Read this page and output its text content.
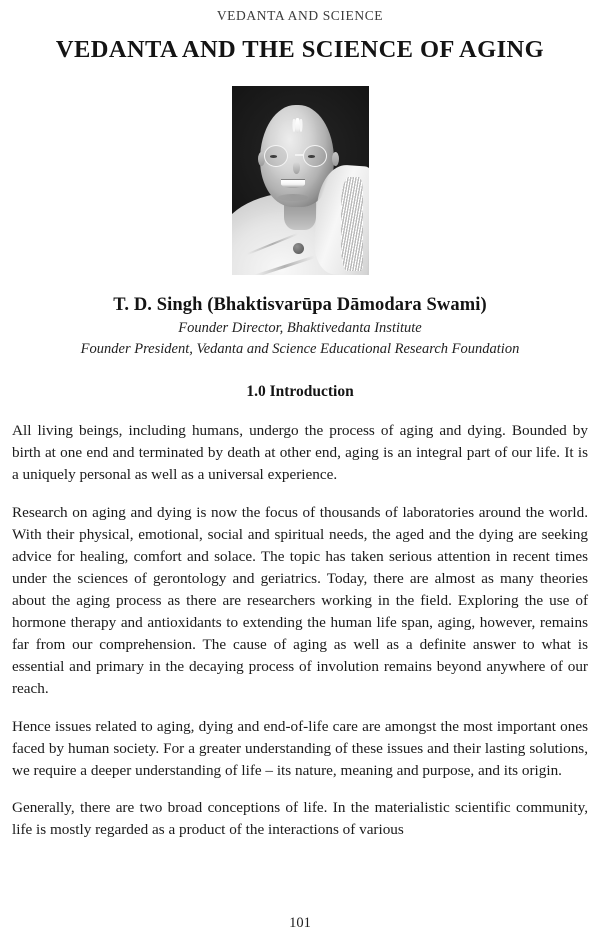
VEDANTA AND SCIENCE
VEDANTA AND THE SCIENCE OF AGING
T. D. Singh (Bhaktisvarūpa Dāmodara Swami)
Founder Director, Bhaktivedanta Institute
Founder President, Vedanta and Science Educational Research Foundation
1.0 Introduction

All living beings, including humans, undergo the process of aging and dying. Bounded by birth at one end and terminated by death at other end, aging is an integral part of our life. It is a uniquely personal as well as a universal experience.

Research on aging and dying is now the focus of thousands of laboratories around the world. With their physical, emotional, social and spiritual needs, the aged and the dying are seeking advice for healing, comfort and solace. The topic has taken serious attention in recent times under the sciences of gerontology and geriatrics. Today, there are almost as many theories about the aging process as there are researchers working in the field. Exploring the use of hormone therapy and antioxidants to extending the human life span, aging, however, remains far from our comprehension. The cause of aging as well as a definite answer to what is essential and primary in the decaying process of involution remains beyond anywhere of our reach.

Hence issues related to aging, dying and end-of-life care are amongst the most important ones faced by human society. For a greater understanding of these issues and their lasting solutions, we require a deeper understanding of life – its nature, meaning and purpose, and its origin.

Generally, there are two broad conceptions of life. In the materialistic scientific community, life is mostly regarded as a product of the interactions of various

101
